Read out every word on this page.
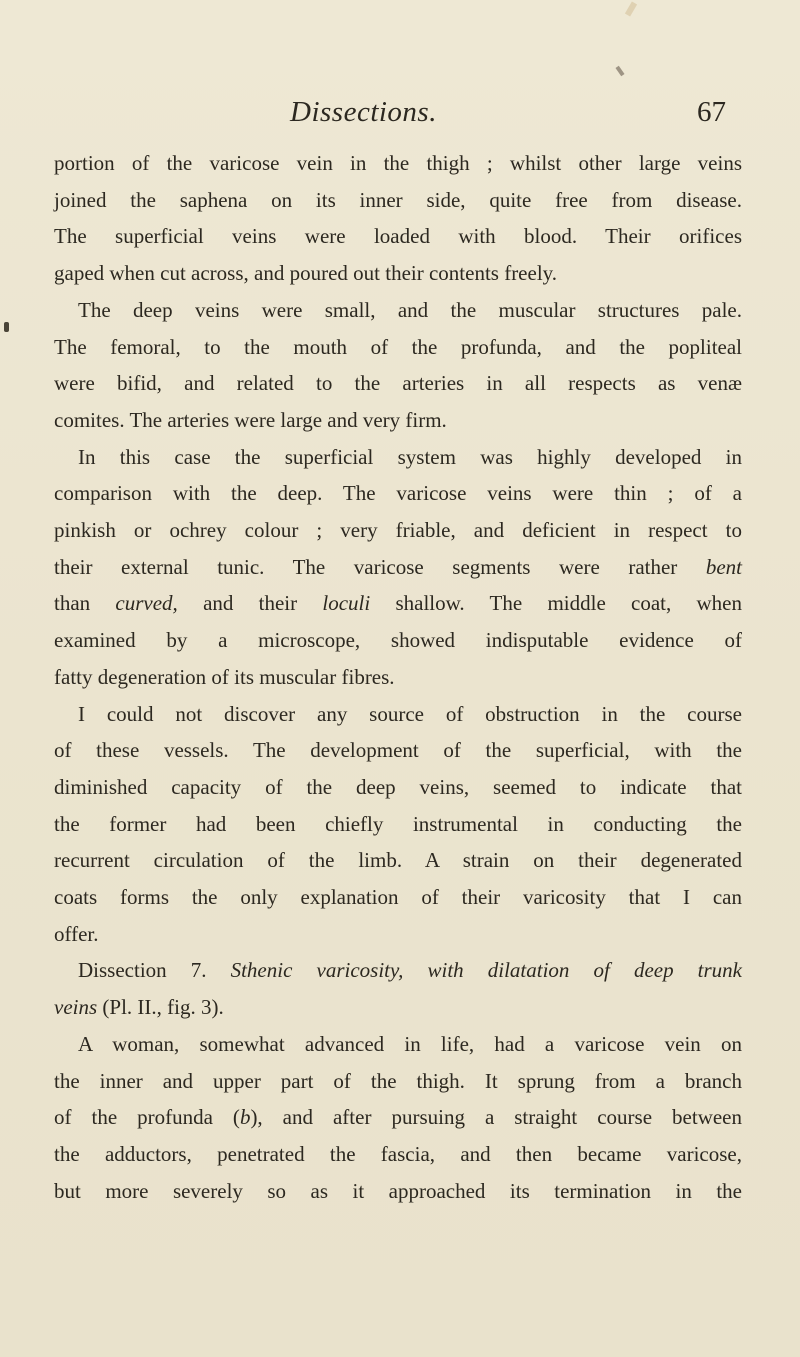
Dissections.	67

portion of the varicose vein in the thigh ; whilst other large veins
joined the saphena on its inner side, quite free from disease.
The superficial veins were loaded with blood. Their orifices
gaped when cut across, and poured out their contents freely.

The deep veins were small, and the muscular structures pale.
The femoral, to the mouth of the profunda, and the popliteal
were bifid, and related to the arteries in all respects as venæ
comites. The arteries were large and very firm.

In this case the superficial system was highly developed in
comparison with the deep. The varicose veins were thin ; of a
pinkish or ochrey colour ; very friable, and deficient in respect to
their external tunic. The varicose segments were rather bent
than curved, and their loculi shallow. The middle coat, when
examined by a microscope, showed indisputable evidence of
fatty degeneration of its muscular fibres.

I could not discover any source of obstruction in the course
of these vessels. The development of the superficial, with the
diminished capacity of the deep veins, seemed to indicate that
the former had been chiefly instrumental in conducting the
recurrent circulation of the limb. A strain on their degenerated
coats forms the only explanation of their varicosity that I can
offer.

Dissection 7. Sthenic varicosity, with dilatation of deep trunk
veins (Pl. II., fig. 3).

A woman, somewhat advanced in life, had a varicose vein on
the inner and upper part of the thigh. It sprung from a branch
of the profunda (b), and after pursuing a straight course between
the adductors, penetrated the fascia, and then became varicose,
but more severely so as it approached its termination in the
